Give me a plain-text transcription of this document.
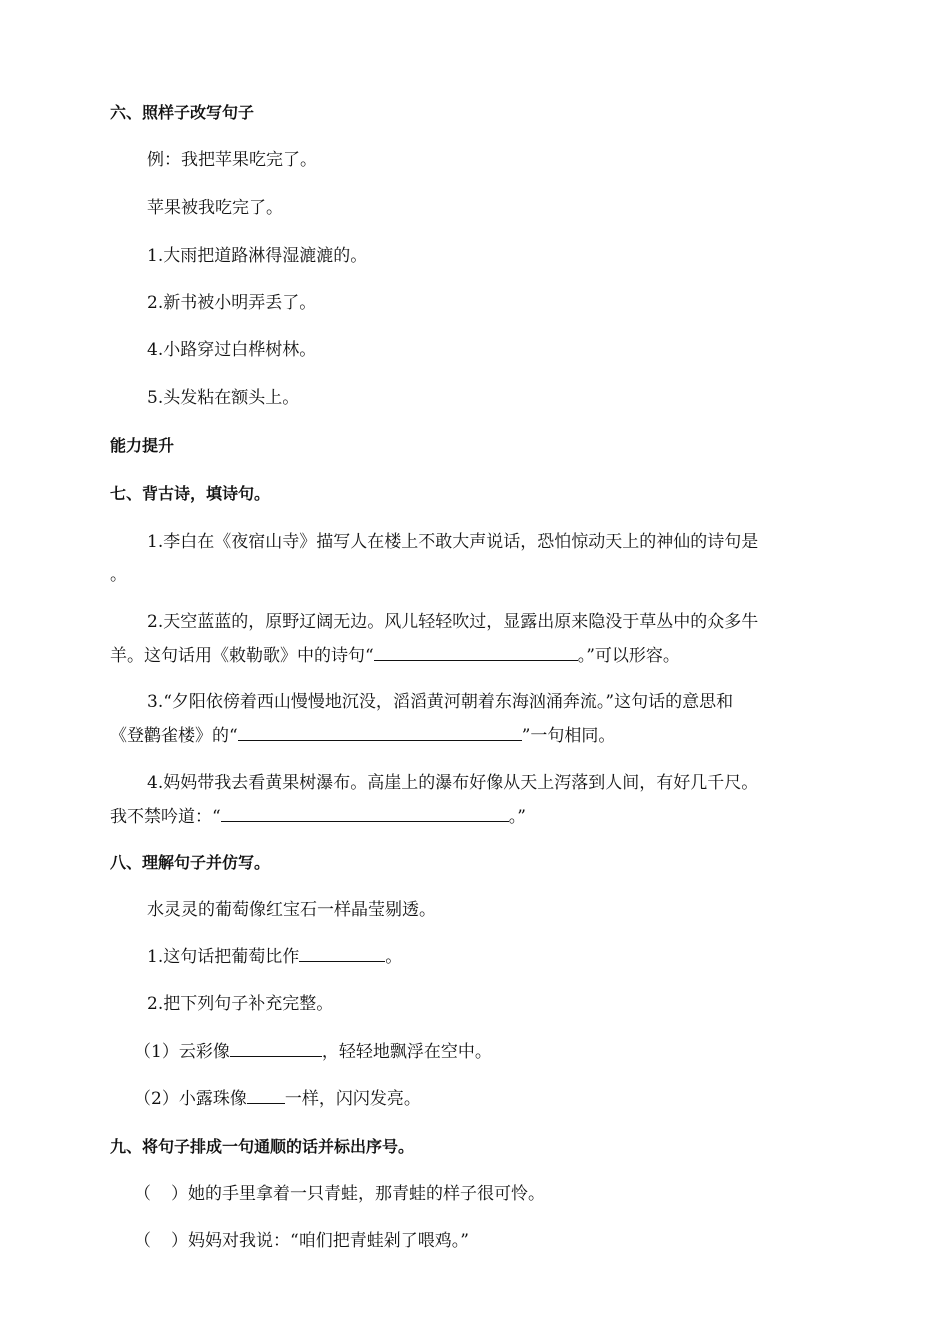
六、照样子改写句子
例：我把苹果吃完了。
苹果被我吃完了。
1.大雨把道路淋得湿漉漉的。
2.新书被小明弄丢了。
4.小路穿过白桦树林。
5.头发粘在额头上。
能力提升
七、背古诗，填诗句。
1.李白在《夜宿山寺》描写人在楼上不敢大声说话，恐怕惊动天上的神仙的诗句是
。
2.天空蓝蓝的，原野辽阔无边。风儿轻轻吹过，显露出原来隐没于草丛中的众多牛
羊。这句话用《敕勒歌》中的诗句“	。”可以形容。
3.“夕阳依傍着西山慢慢地沉没，滔滔黄河朝着东海汹涌奔流。”这句话的意思和
《登鹳雀楼》的“	”一句相同。
4.妈妈带我去看黄果树瀑布。高崖上的瀑布好像从天上泻落到人间，有好几千尺。
我不禁吟道：“	。”
八、理解句子并仿写。
水灵灵的葡萄像红宝石一样晶莹剔透。
1.这句话把葡萄比作	。
2.把下列句子补充完整。
（1）云彩像	，轻轻地飘浮在空中。
（2）小露珠像 一样，闪闪发亮。
九、将句子排成一句通顺的话并标出序号。
（ ）她的手里拿着一只青蛙，那青蛙的样子很可怜。
（ ）妈妈对我说：“咱们把青蛙剁了喂鸡。”
